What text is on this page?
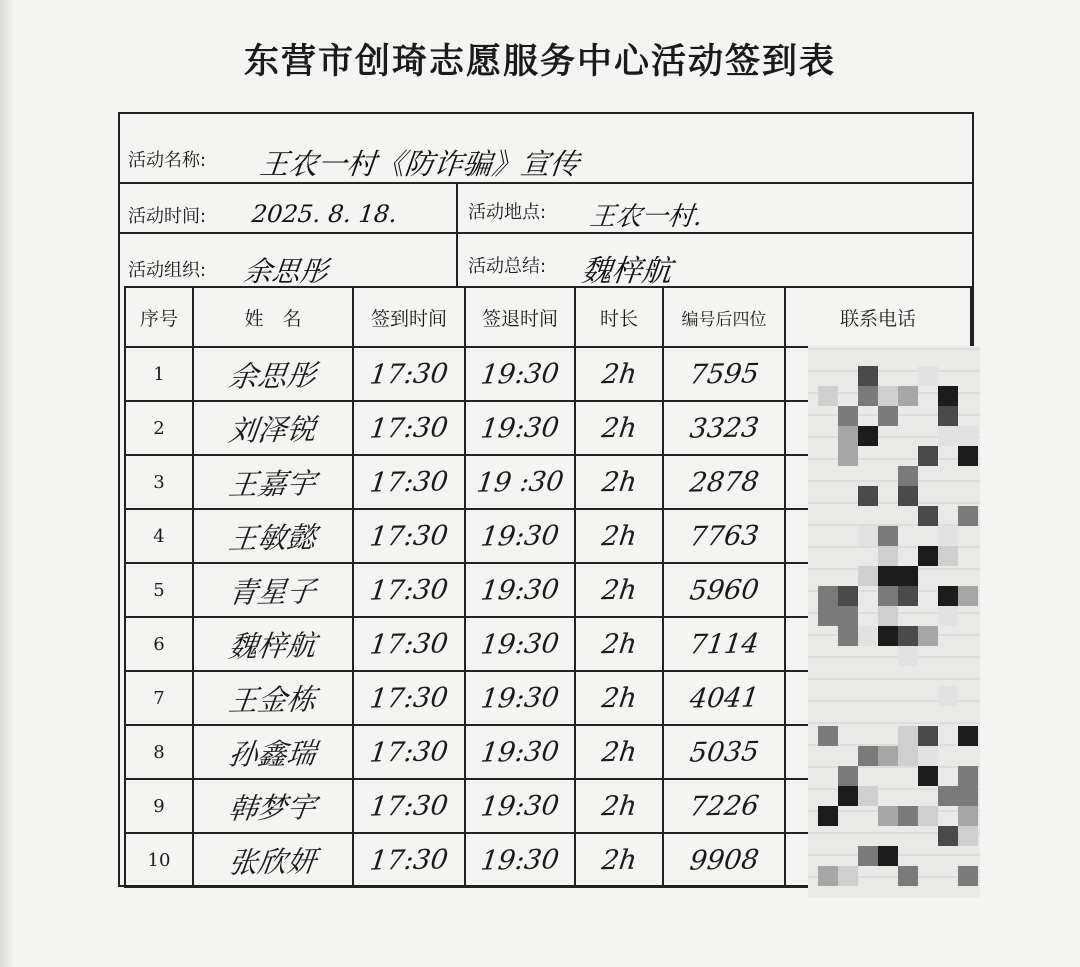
东营市创琦志愿服务中心活动签到表
活动名称: 王农一村《防诈骗》宣传
活动时间: 2025. 8. 18.	活动地点: 王农一村.
活动组织: 余思彤	活动总结: 魏梓航
序号	姓　名	签到时间	签退时间	时长	编号后四位	联系电话
1	余思彤	17:30	19:30	2h	7595	
2	刘泽锐	17:30	19:30	2h	3323	
3	王嘉宇	17:30	19 :30	2h	2878	
4	王敏懿	17:30	19:30	2h	7763	
5	青星子	17:30	19:30	2h	5960	
6	魏梓航	17:30	19:30	2h	7114	
7	王金栋	17:30	19:30	2h	4041	
8	孙鑫瑞	17:30	19:30	2h	5035	
9	韩梦宇	17:30	19:30	2h	7226	
10	张欣妍	17:30	19:30	2h	9908	
